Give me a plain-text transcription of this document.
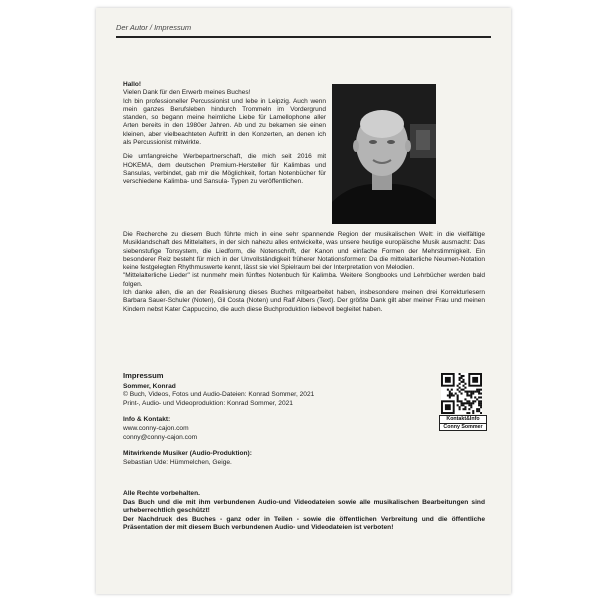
Der Autor / Impressum

Hallo!

Vielen Dank für den Erwerb meines Buches!

Ich bin professioneller Percussionist und lebe in Leipzig. Auch wenn mein ganzes Berufsleben hindurch Trommeln im Vordergrund standen, so begann meine heimliche Liebe für Lamellophone aller Arten bereits in den 1980er Jahren. Ab und zu bekamen sie einen kleinen, aber vielbeachteten Auftritt in den Konzerten, an denen ich als Percussionist mitwirkte.

Die umfangreiche Werbepartnerschaft, die mich seit 2016 mit HOKEMA, dem deutschen Premium-Hersteller für Kalimbas und Sansulas, verbindet, gab mir die Möglichkeit, fortan Notenbücher für verschiedene Kalimba- und Sansula- Typen zu veröffentlichen.

Die Recherche zu diesem Buch führte mich in eine sehr spannende Region der musikalischen Welt: in die vielfältige Musiklandschaft des Mittelalters, in der sich nahezu alles entwickelte, was unsere heutige europäische Musik ausmacht: Das siebenstufige Tonsystem, die Liedform, die Notenschrift, der Kanon und einfache Formen der Mehrstimmigkeit. Ein besonderer Reiz besteht für mich in der Unvollständigkeit früherer Notationsformen: Da die mittelalterliche Neumen-Notation keine festgelegten Rhythmuswerte kennt, lässt sie viel Spielraum bei der Interpretation von Melodien.

"Mittelalterliche Lieder" ist nunmehr mein fünftes Notenbuch für Kalimba. Weitere Songbooks und Lehrbücher werden bald folgen.

Ich danke allen, die an der Realisierung dieses Buches mitgearbeitet haben, insbesondere meinen drei Korrekturlesern Barbara Sauer-Schuler (Noten), Gil Costa (Noten) und Ralf Albers (Text). Der größte Dank gilt aber meiner Frau und meinen Kindern nebst Kater Cappuccino, die auch diese Buchproduktion liebevoll begleitet haben.

Impressum

Sommer, Konrad

© Buch, Videos, Fotos und Audio-Dateien: Konrad Sommer, 2021

Print-, Audio- und Videoproduktion: Konrad Sommer, 2021

Info & Kontakt:

www.conny-cajon.com

conny@conny-cajon.com

Mitwirkende Musiker (Audio-Produktion):

Sebastian Ude: Hümmelchen, Geige.

Alle Rechte vorbehalten.

Das Buch und die mit ihm verbundenen Audio-und Videodateien sowie alle musikalischen Bearbeitungen sind urheberrechtlich geschützt!

Der Nachdruck des Buches - ganz oder in Teilen - sowie die öffentlichen Verbreitung und die öffentliche Präsentation der mit diesem Buch verbundenen Audio- und Videodateien ist verboten!

Kontakt&Info
Conny Sommer
